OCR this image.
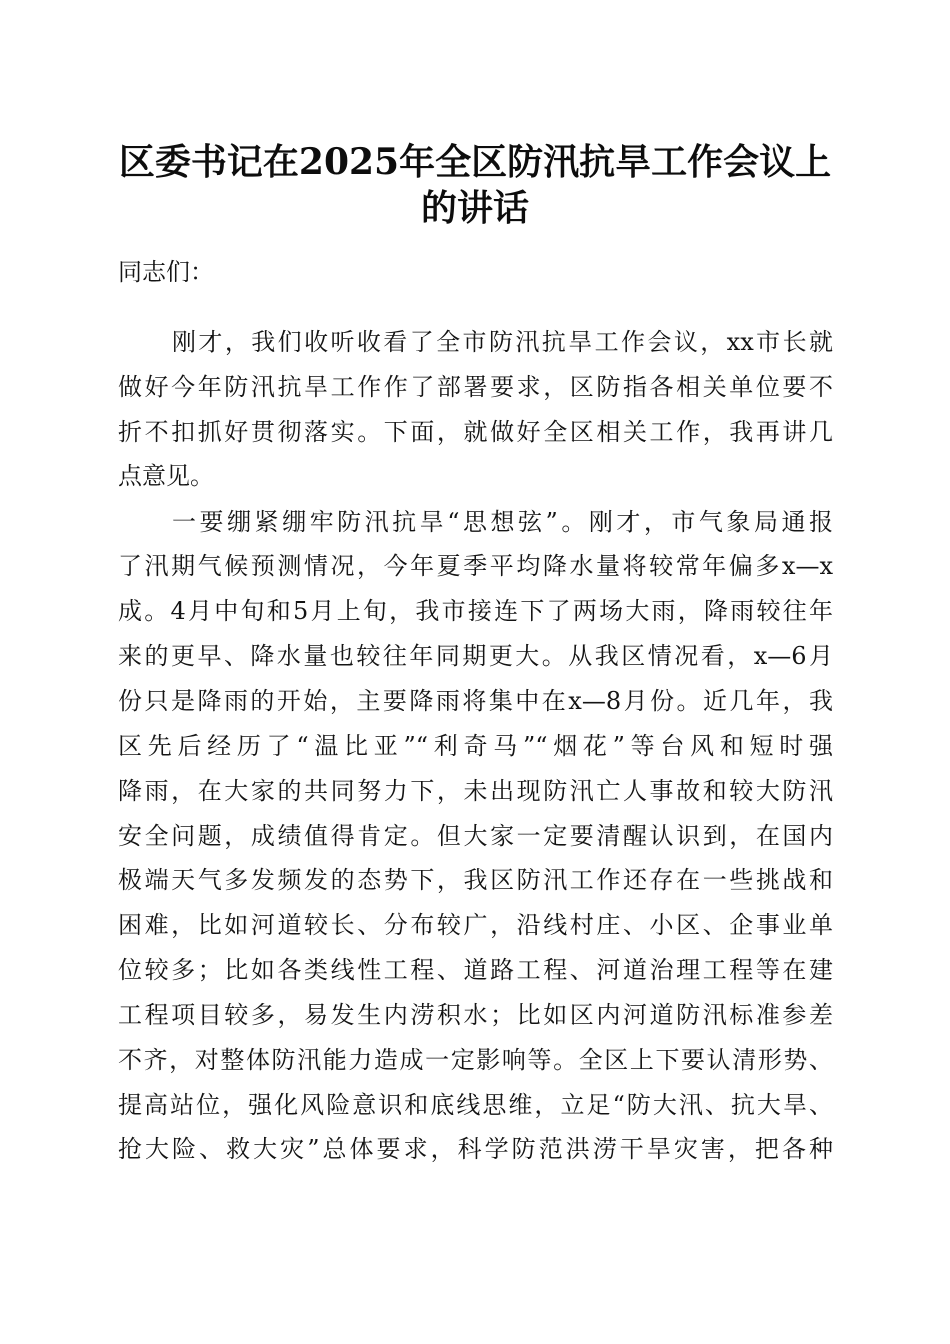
区委书记在2025年全区防汛抗旱工作会议上
的讲话
同志们：
刚才，我们收听收看了全市防汛抗旱工作会议，xx市长就
做好今年防汛抗旱工作作了部署要求，区防指各相关单位要不
折不扣抓好贯彻落实。下面，就做好全区相关工作，我再讲几
点意见。
一要绷紧绷牢防汛抗旱“思想弦”。刚才，市气象局通报
了汛期气候预测情况，今年夏季平均降水量将较常年偏多x—x
成。4月中旬和5月上旬，我市接连下了两场大雨，降雨较往年
来的更早、降水量也较往年同期更大。从我区情况看，x—6月
份只是降雨的开始，主要降雨将集中在x—8月份。近几年，我
区先后经历了“温比亚”“利奇马”“烟花”等台风和短时强
降雨，在大家的共同努力下，未出现防汛亡人事故和较大防汛
安全问题，成绩值得肯定。但大家一定要清醒认识到，在国内
极端天气多发频发的态势下，我区防汛工作还存在一些挑战和
困难，比如河道较长、分布较广，沿线村庄、小区、企事业单
位较多；比如各类线性工程、道路工程、河道治理工程等在建
工程项目较多，易发生内涝积水；比如区内河道防汛标准参差
不齐，对整体防汛能力造成一定影响等。全区上下要认清形势、
提高站位，强化风险意识和底线思维，立足“防大汛、抗大旱、
抢大险、救大灾”总体要求，科学防范洪涝干旱灾害，把各种
